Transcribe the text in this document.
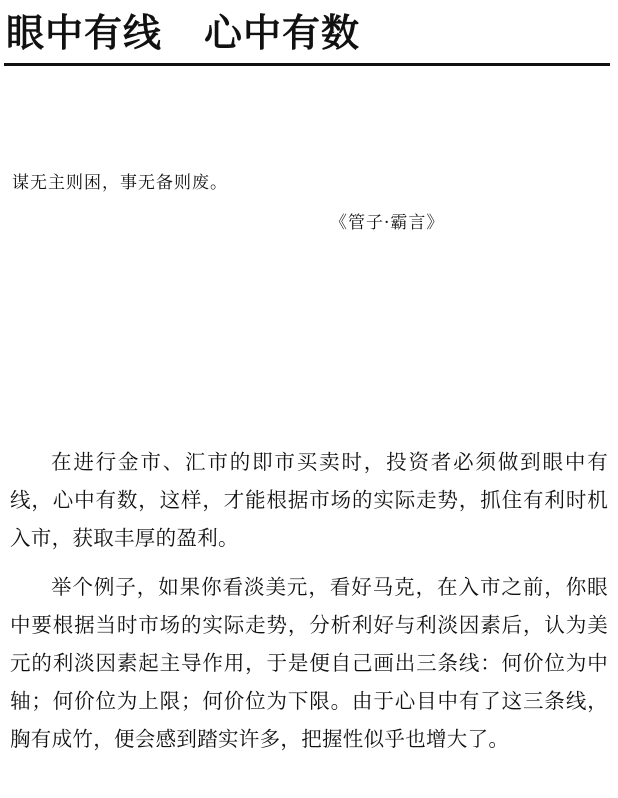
眼中有线 心中有数
谋无主则困，事无备则废。
《管子·霸言》

在进行金市、汇市的即市买卖时，投资者必须做到眼中有线，心中有数，这样，才能根据市场的实际走势，抓住有利时机入市，获取丰厚的盈利。

举个例子，如果你看淡美元，看好马克，在入市之前，你眼中要根据当时市场的实际走势，分析利好与利淡因素后，认为美元的利淡因素起主导作用，于是便自己画出三条线：何价位为中轴；何价位为上限；何价位为下限。由于心目中有了这三条线，胸有成竹，便会感到踏实许多，把握性似乎也增大了。
